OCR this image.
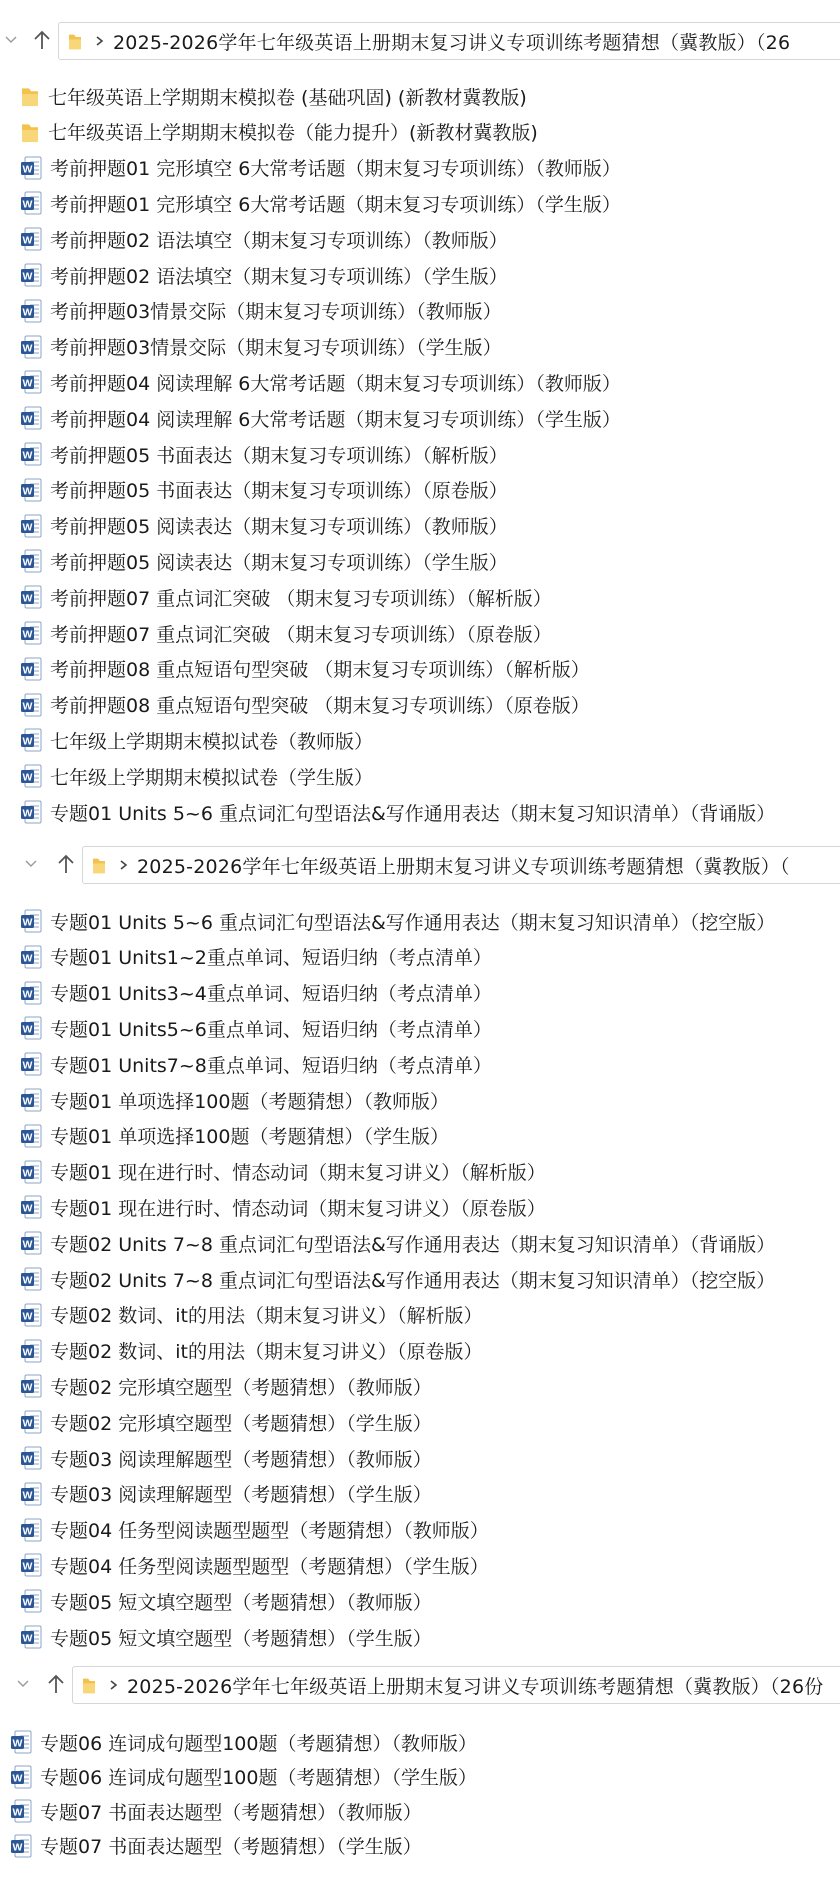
2025-2026学年七年级英语上册期末复习讲义专项训练考题猜想（冀教版）（26
七年级英语上学期期末模拟卷 (基础巩固) (新教材冀教版)
七年级英语上学期期末模拟卷（能力提升）(新教材冀教版)
W 考前押题01 完形填空 6大常考话题（期末复习专项训练）（教师版）
W 考前押题01 完形填空 6大常考话题（期末复习专项训练）（学生版）
W 考前押题02 语法填空（期末复习专项训练）（教师版）
W 考前押题02 语法填空（期末复习专项训练）（学生版）
W 考前押题03情景交际（期末复习专项训练）（教师版）
W 考前押题03情景交际（期末复习专项训练）（学生版）
W 考前押题04 阅读理解 6大常考话题（期末复习专项训练）（教师版）
W 考前押题04 阅读理解 6大常考话题（期末复习专项训练）（学生版）
W 考前押题05 书面表达（期末复习专项训练）（解析版）
W 考前押题05 书面表达（期末复习专项训练）（原卷版）
W 考前押题05 阅读表达（期末复习专项训练）（教师版）
W 考前押题05 阅读表达（期末复习专项训练）（学生版）
W 考前押题07 重点词汇突破 （期末复习专项训练）（解析版）
W 考前押题07 重点词汇突破 （期末复习专项训练）（原卷版）
W 考前押题08 重点短语句型突破 （期末复习专项训练）（解析版）
W 考前押题08 重点短语句型突破 （期末复习专项训练）（原卷版）
W 七年级上学期期末模拟试卷（教师版）
W 七年级上学期期末模拟试卷（学生版）
W 专题01 Units 5~6 重点词汇句型语法&写作通用表达（期末复习知识清单）（背诵版）
2025-2026学年七年级英语上册期末复习讲义专项训练考题猜想（冀教版）（
W 专题01 Units 5~6 重点词汇句型语法&写作通用表达（期末复习知识清单）（挖空版）
W 专题01 Units1~2重点单词、短语归纳（考点清单）
W 专题01 Units3~4重点单词、短语归纳（考点清单）
W 专题01 Units5~6重点单词、短语归纳（考点清单）
W 专题01 Units7~8重点单词、短语归纳（考点清单）
W 专题01 单项选择100题（考题猜想）（教师版）
W 专题01 单项选择100题（考题猜想）（学生版）
W 专题01 现在进行时、情态动词（期末复习讲义）（解析版）
W 专题01 现在进行时、情态动词（期末复习讲义）（原卷版）
W 专题02 Units 7~8 重点词汇句型语法&写作通用表达（期末复习知识清单）（背诵版）
W 专题02 Units 7~8 重点词汇句型语法&写作通用表达（期末复习知识清单）（挖空版）
W 专题02 数词、it的用法（期末复习讲义）（解析版）
W 专题02 数词、it的用法（期末复习讲义）（原卷版）
W 专题02 完形填空题型（考题猜想）（教师版）
W 专题02 完形填空题型（考题猜想）（学生版）
W 专题03 阅读理解题型（考题猜想）（教师版）
W 专题03 阅读理解题型（考题猜想）（学生版）
W 专题04 任务型阅读题型题型（考题猜想）（教师版）
W 专题04 任务型阅读题型题型（考题猜想）（学生版）
W 专题05 短文填空题型（考题猜想）（教师版）
W 专题05 短文填空题型（考题猜想）（学生版）
2025-2026学年七年级英语上册期末复习讲义专项训练考题猜想（冀教版）（26份
W 专题06 连词成句题型100题（考题猜想）（教师版）
W 专题06 连词成句题型100题（考题猜想）（学生版）
W 专题07 书面表达题型（考题猜想）（教师版）
W 专题07 书面表达题型（考题猜想）（学生版）
